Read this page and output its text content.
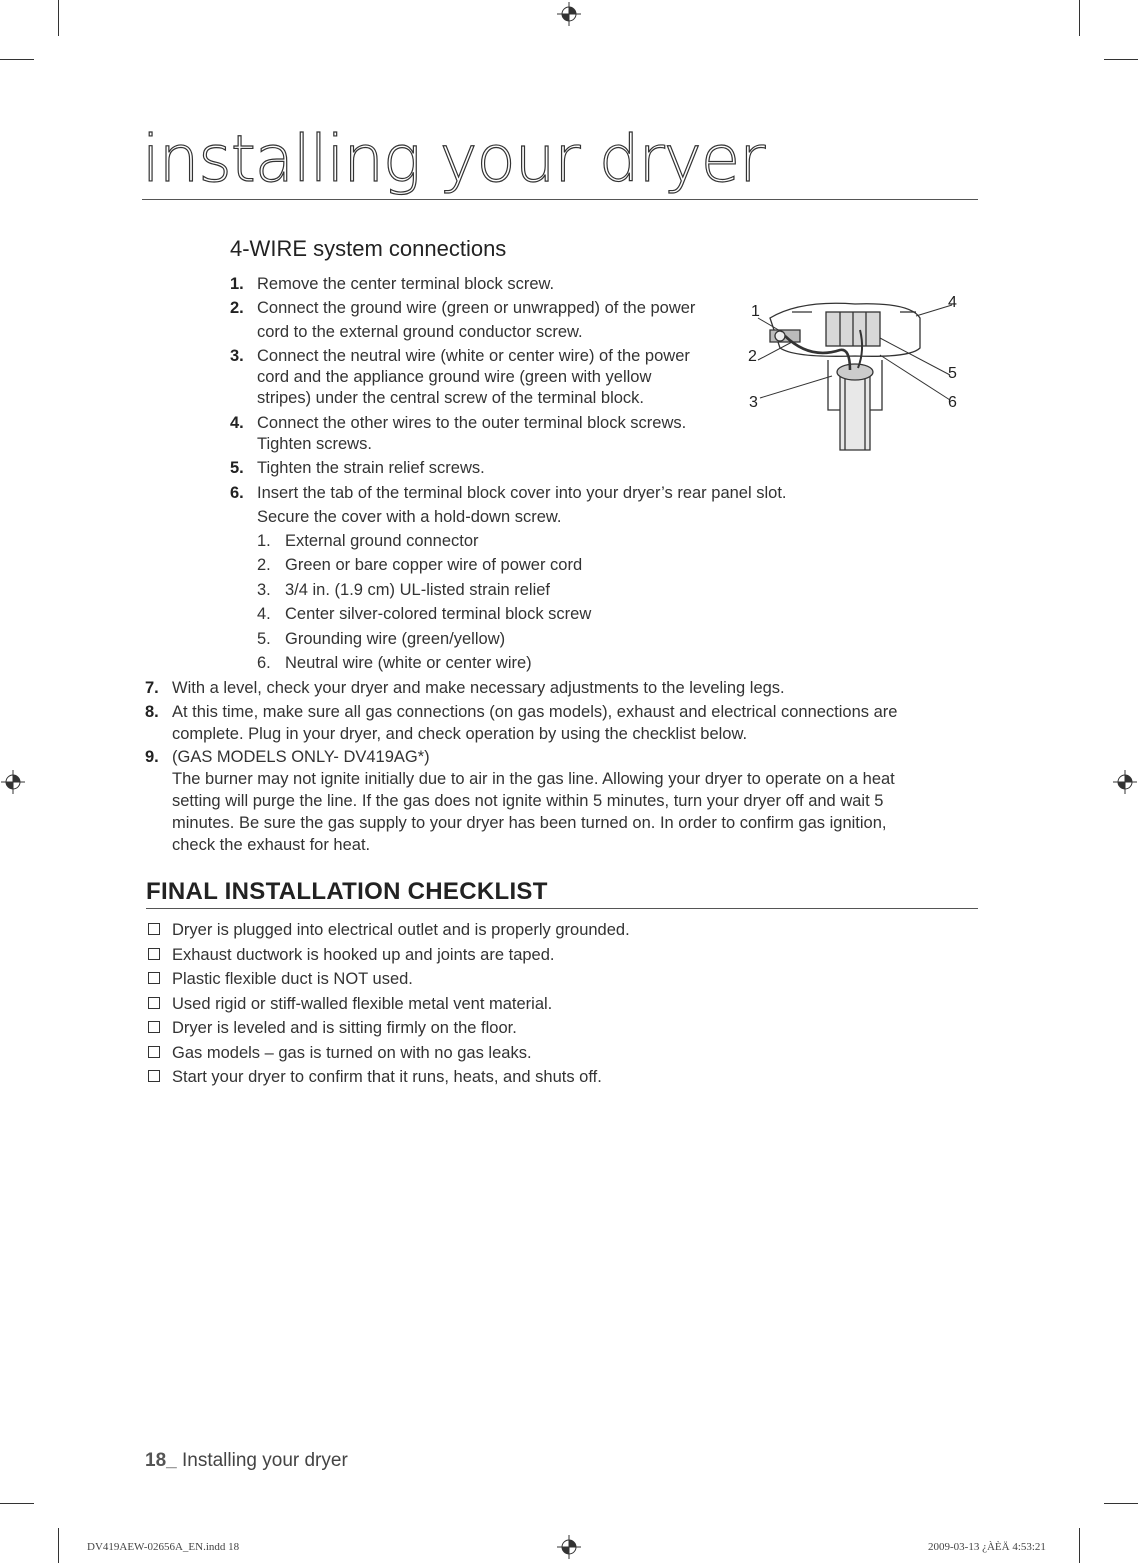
installing your dryer
4-WIRE system connections
1. Remove the center terminal block screw.
2. Connect the ground wire (green or unwrapped) of the power
cord to the external ground conductor screw.
3. Connect the neutral wire (white or center wire) of the power
cord and the appliance ground wire (green with yellow
stripes) under the central screw of the terminal block.
4. Connect the other wires to the outer terminal block screws.
Tighten screws.
5. Tighten the strain relief screws.
6. Insert the tab of the terminal block cover into your dryer’s rear panel slot.
Secure the cover with a hold-down screw.
1. External ground connector
2. Green or bare copper wire of power cord
3. 3/4 in. (1.9 cm) UL-listed strain relief
4. Center silver-colored terminal block screw
5. Grounding wire (green/yellow)
6. Neutral wire (white or center wire)
1
2
3
4
5
6
7. With a level, check your dryer and make necessary adjustments to the leveling legs.
8. At this time, make sure all gas connections (on gas models), exhaust and electrical connections are
complete. Plug in your dryer, and check operation by using the checklist below.
9. (GAS MODELS ONLY- DV419AG*)
The burner may not ignite initially due to air in the gas line. Allowing your dryer to operate on a heat
setting will purge the line. If the gas does not ignite within 5 minutes, turn your dryer off and wait 5
minutes. Be sure the gas supply to your dryer has been turned on. In order to confirm gas ignition,
check the exhaust for heat.
FINAL INSTALLATION CHECKLIST
Dryer is plugged into electrical outlet and is properly grounded.
Exhaust ductwork is hooked up and joints are taped.
Plastic flexible duct is NOT used.
Used rigid or stiff-walled flexible metal vent material.
Dryer is leveled and is sitting firmly on the floor.
Gas models – gas is turned on with no gas leaks.
Start your dryer to confirm that it runs, heats, and shuts off.
18_ Installing your dryer
DV419AEW-02656A_EN.indd 18	2009-03-13 ¿ÀÈÄ 4:53:21
